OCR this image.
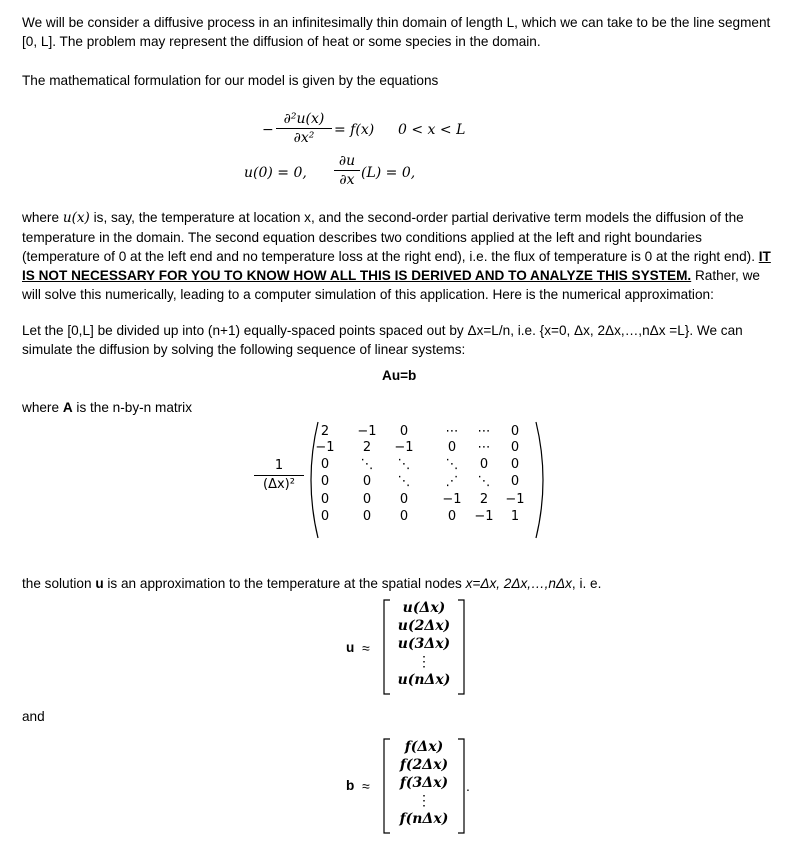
We will be consider a diffusive process in an infinitesimally thin domain of length L, which we can take to be the line segment [0, L]. The problem may represent the diffusion of heat or some species in the domain.
The mathematical formulation for our model is given by the equations
− $\frac{\text{∂²u(x)}}{\text{∂x²}} = f(x) 0 < x < L$
u(0) = 0, $\frac{\partial u}{\partial x} (L) = 0$,
where u(x) is, say, the temperature at location x, and the second-order partial derivative term models the diffusion of the temperature in the domain. The second equation describes two conditions applied at the left and right boundaries (temperature of 0 at the left end and no temperature loss at the right end), i.e. the flux of temperature is 0 at the right end). IT IS NOT NECESSARY FOR YOU TO KNOW HOW ALL THIS IS DERIVED AND TO ANALYZE THIS SYSTEM. Rather, we will solve this numerically, leading to a computer simulation of this application. Here is the numerical approximation:
Let the [0,L] be divided up into (n+1) equally-spaced points spaced out by Δx=L/n, i.e. {x=0, Δx, 2Δx,…,nΔx =L}. We can simulate the diffusion by solving the following sequence of linear systems:
Au=b
where A is the n-by-n matrix
$\frac{1}{\text{(Δx)²}}$
2	−1	0	⋯	⋯	0
−1	2	−1	0	⋯	0
0	⋱	⋱	⋱	0	0
0	0	⋱	⋰	⋱	0
0	0	0	−1	2	−1
0	0	0	0	−1	1
the solution u is an approximation to the temperature at the spatial nodes x=Δx, 2Δx,…,nΔx, i. e.
u ≈
u(Δx)
u(2Δx)
u(3Δx)
⋮
u(nΔx)
and
b ≈
f(Δx)
f(2Δx)
f(3Δx)
⋮
f(nΔx)
.
